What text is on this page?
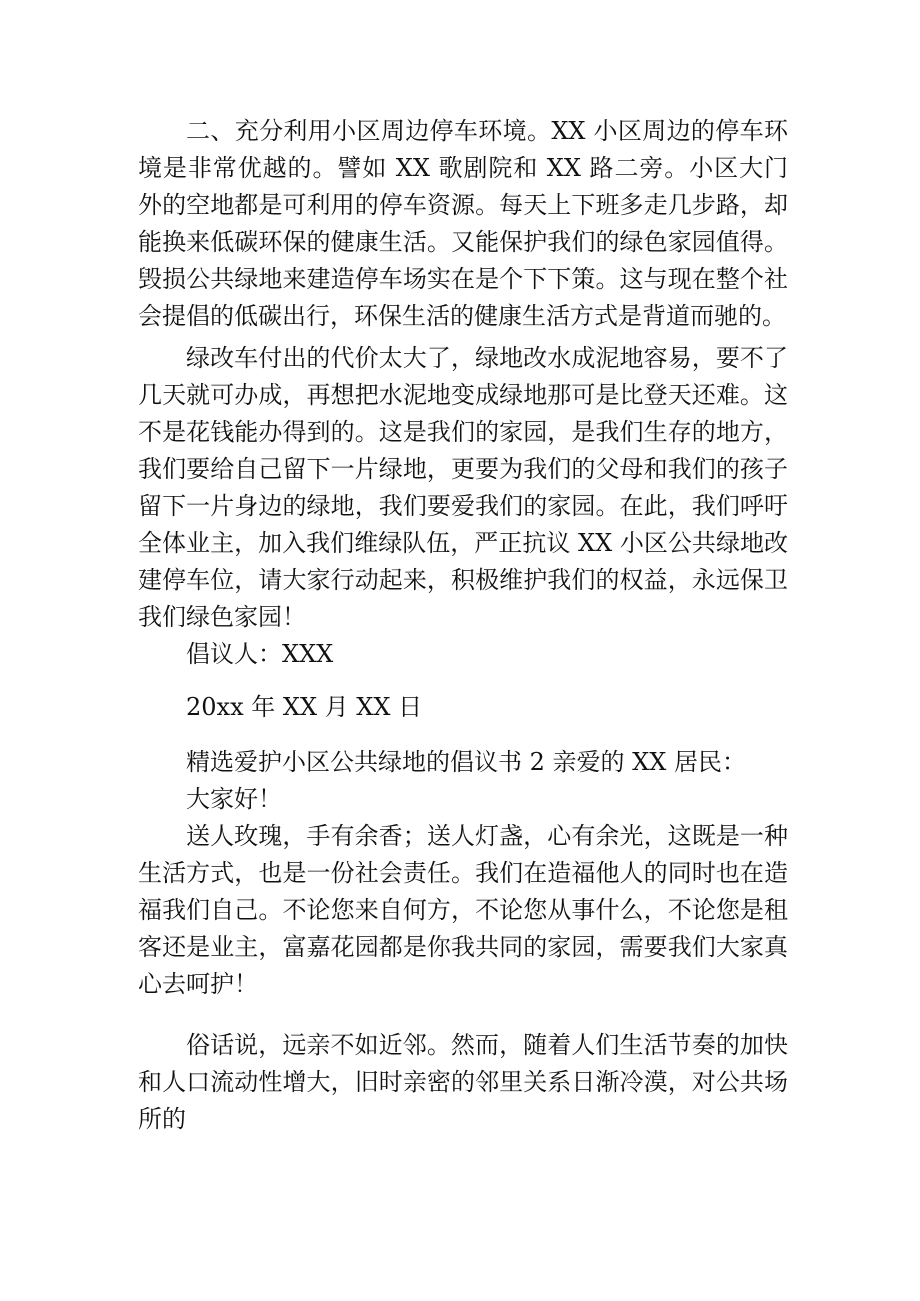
二、充分利用小区周边停车环境。XX 小区周边的停车环境是非常优越的。譬如 XX 歌剧院和 XX 路二旁。小区大门外的空地都是可利用的停车资源。每天上下班多走几步路，却能换来低碳环保的健康生活。又能保护我们的绿色家园值得。毁损公共绿地来建造停车场实在是个下下策。这与现在整个社会提倡的低碳出行，环保生活的健康生活方式是背道而驰的。

绿改车付出的代价太大了，绿地改水成泥地容易，要不了几天就可办成，再想把水泥地变成绿地那可是比登天还难。这不是花钱能办得到的。这是我们的家园，是我们生存的地方，我们要给自己留下一片绿地，更要为我们的父母和我们的孩子留下一片身边的绿地，我们要爱我们的家园。在此，我们呼吁全体业主，加入我们维绿队伍，严正抗议 XX 小区公共绿地改建停车位，请大家行动起来，积极维护我们的权益，永远保卫我们绿色家园！

倡议人：XXX

20xx 年 XX 月 XX 日

精选爱护小区公共绿地的倡议书 2 亲爱的 XX 居民：

大家好！

送人玫瑰，手有余香；送人灯盏，心有余光，这既是一种生活方式，也是一份社会责任。我们在造福他人的同时也在造福我们自己。不论您来自何方，不论您从事什么，不论您是租客还是业主，富嘉花园都是你我共同的家园，需要我们大家真心去呵护！

俗话说，远亲不如近邻。然而，随着人们生活节奏的加快和人口流动性增大，旧时亲密的邻里关系日渐冷漠，对公共场所的
